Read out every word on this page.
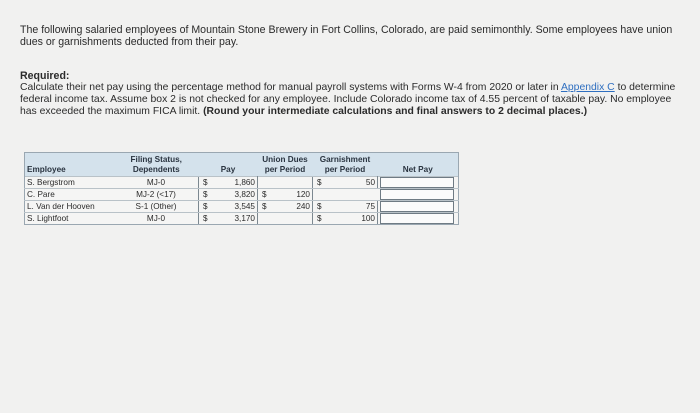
The following salaried employees of Mountain Stone Brewery in Fort Collins, Colorado, are paid semimonthly. Some employees have union dues or garnishments deducted from their pay.
Required:
Calculate their net pay using the percentage method for manual payroll systems with Forms W-4 from 2020 or later in Appendix C to determine federal income tax. Assume box 2 is not checked for any employee. Include Colorado income tax of 4.55 percent of taxable pay. No employee has exceeded the maximum FICA limit. (Round your intermediate calculations and final answers to 2 decimal places.)
Employee	Filing Status, Dependents	Pay	Union Dues per Period	Garnishment per Period	Net Pay
S. Bergstrom	MJ-0	$ 1,860		$ 50	

C. Pare	MJ-2 (<17)	$ 3,820	$ 120		

L. Van der Hooven	S-1 (Other)	$ 3,545	$ 240	$ 75	

S. Lightfoot	MJ-0	$ 3,170		$ 100	
